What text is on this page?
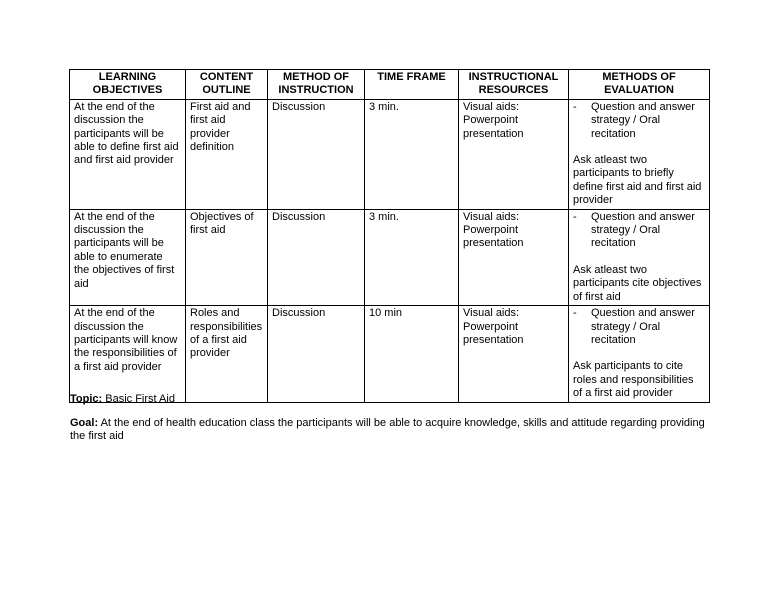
LEARNING OBJECTIVES	CONTENT OUTLINE	METHOD OF INSTRUCTION	TIME FRAME	INSTRUCTIONAL RESOURCES	METHODS OF EVALUATION
At the end of the discussion the participants will be able to define first aid and first aid provider	First aid and first aid provider definition	Discussion	3 min.	Visual aids: Powerpoint presentation	- Question and answer strategy / Oral recitation
Ask atleast two participants to briefly define first aid and first aid provider

At the end of the discussion the participants will be able to enumerate the objectives of first aid	Objectives of first aid	Discussion	3 min.	Visual aids: Powerpoint presentation	- Question and answer strategy / Oral recitation
Ask atleast two participants cite objectives of first aid

At the end of the discussion the participants will know the responsibilities of a first aid provider	Roles and responsibilities of a first aid provider	Discussion	10 min	Visual aids: Powerpoint presentation	- Question and answer strategy / Oral recitation
Ask participants to cite roles and responsibilities of a first aid provider
Topic: Basic First Aid
Goal: At the end of health education class the participants will be able to acquire knowledge, skills and attitude regarding providing the first aid
